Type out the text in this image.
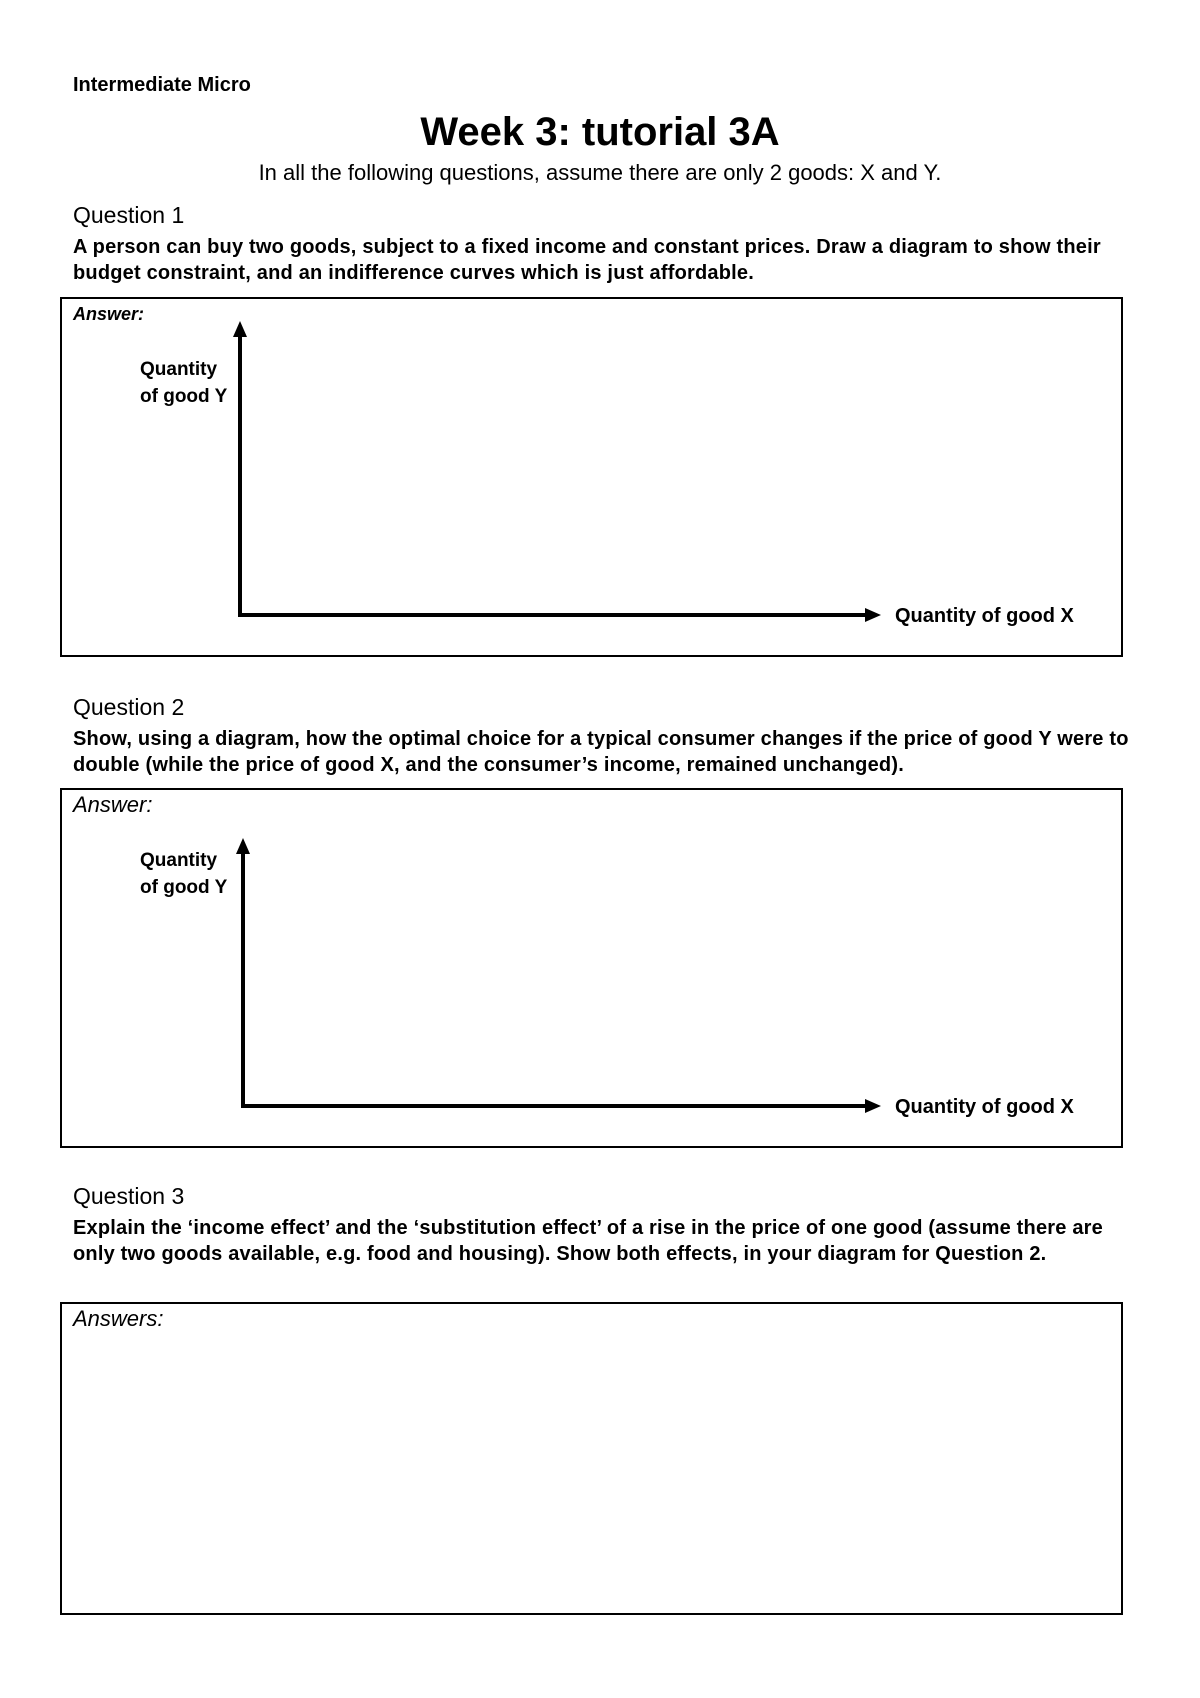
Intermediate Micro
Week 3: tutorial 3A
In all the following questions, assume there are only 2 goods: X and Y.
Question 1
A person can buy two goods, subject to a fixed income and constant prices. Draw a diagram to show their budget constraint, and an indifference curves which is just affordable.
Answer:
Quantity
of good Y
Quantity of good X
Question 2
Show, using a diagram, how the optimal choice for a typical consumer changes if the price of good Y were to double (while the price of good X, and the consumer’s income, remained unchanged).
Answer:
Quantity
of good Y
Quantity of good X
Question 3
Explain the ‘income effect’ and the ‘substitution effect’ of a rise in the price of one good (assume there are only two goods available, e.g. food and housing). Show both effects, in your diagram for Question 2.
Answers:
